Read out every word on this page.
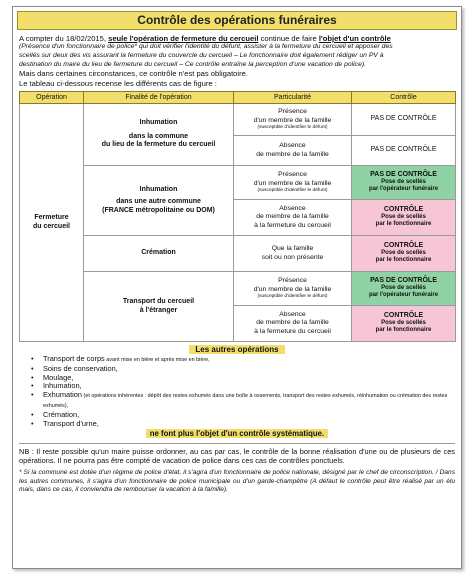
Contrôle des opérations funéraires
A compter du 18/02/2015, seule l'opération de fermeture du cercueil continue de faire l'objet d'un contrôle
(Présence d'un fonctionnaire de police* qui doit vérifier l'identité du défunt, assister à la fermeture du cercueil et apposer des
scellés sur deux des vis assurant la fermeture du couvercle du cercueil – Le fonctionnaire doit également rédiger un PV à
destination du maire du lieu de fermeture du cercueil – Ce contrôle entraîne la perception d'une vacation de police).
Mais dans certaines circonstances, ce contrôle n'est pas obligatoire.
Le tableau ci-dessous recense les différents cas de figure :
Opération	Finalité de l'opération	Particularité	Contrôle

Fermeture
du cercueil	Inhumation
dans la commune
du lieu de la fermeture du cercueil	Présence
d'un membre de la famille
(susceptible d'identifier le défunt)	PAS DE CONTRÔLE

		Absence
de membre de la famille	PAS DE CONTRÔLE

	Inhumation
dans une autre commune
(FRANCE métropolitaine ou DOM)	Présence
d'un membre de la famille
(susceptible d'identifier le défunt)	PAS DE CONTRÔLE
Pose de scellés
par l'opérateur funéraire

		Absence
de membre de la famille
à la fermeture du cercueil	CONTRÔLE
Pose de scellés
par le fonctionnaire

	Crémation	Que la famille
soit ou non présente	CONTRÔLE
Pose de scellés
par le fonctionnaire

	Transport du cercueil
à l'étranger	Présence
d'un membre de la famille
(susceptible d'identifier le défunt)	PAS DE CONTRÔLE
Pose de scellés
par l'opérateur funéraire

		Absence
de membre de la famille
à la fermeture du cercueil	CONTRÔLE
Pose de scellés
par le fonctionnaire
Les autres opérations
• Transport de corps avant mise en bière et après mise en bière,
• Soins de conservation,
• Moulage,
• Inhumation,
• Exhumation (et opérations inhérentes : dépôt des restes exhumés dans une boîte à ossements, transport des restes exhumés, réinhumation ou crémation des restes exhumés),
• Crémation,
• Transport d'urne,
ne font plus l'objet d'un contrôle systématique.
NB : Il reste possible qu'un maire puisse ordonner, au cas par cas, le contrôle de la bonne réalisation d'une ou de plusieurs de ces opérations. Il ne pourra pas être compté de vacation de police dans ces cas de contrôles ponctuels.
* Si la commune est dotée d'un régime de police d'état, il s'agira d'un fonctionnaire de police nationale, désigné par le chef de circonscription. / Dans les autres communes, il s'agira d'un fonctionnaire de police municipale ou d'un garde-champêtre (A défaut le contrôle peut être réalisé par un élu mais, dans ce cas, il conviendra de rembourser la vacation à la famille).
